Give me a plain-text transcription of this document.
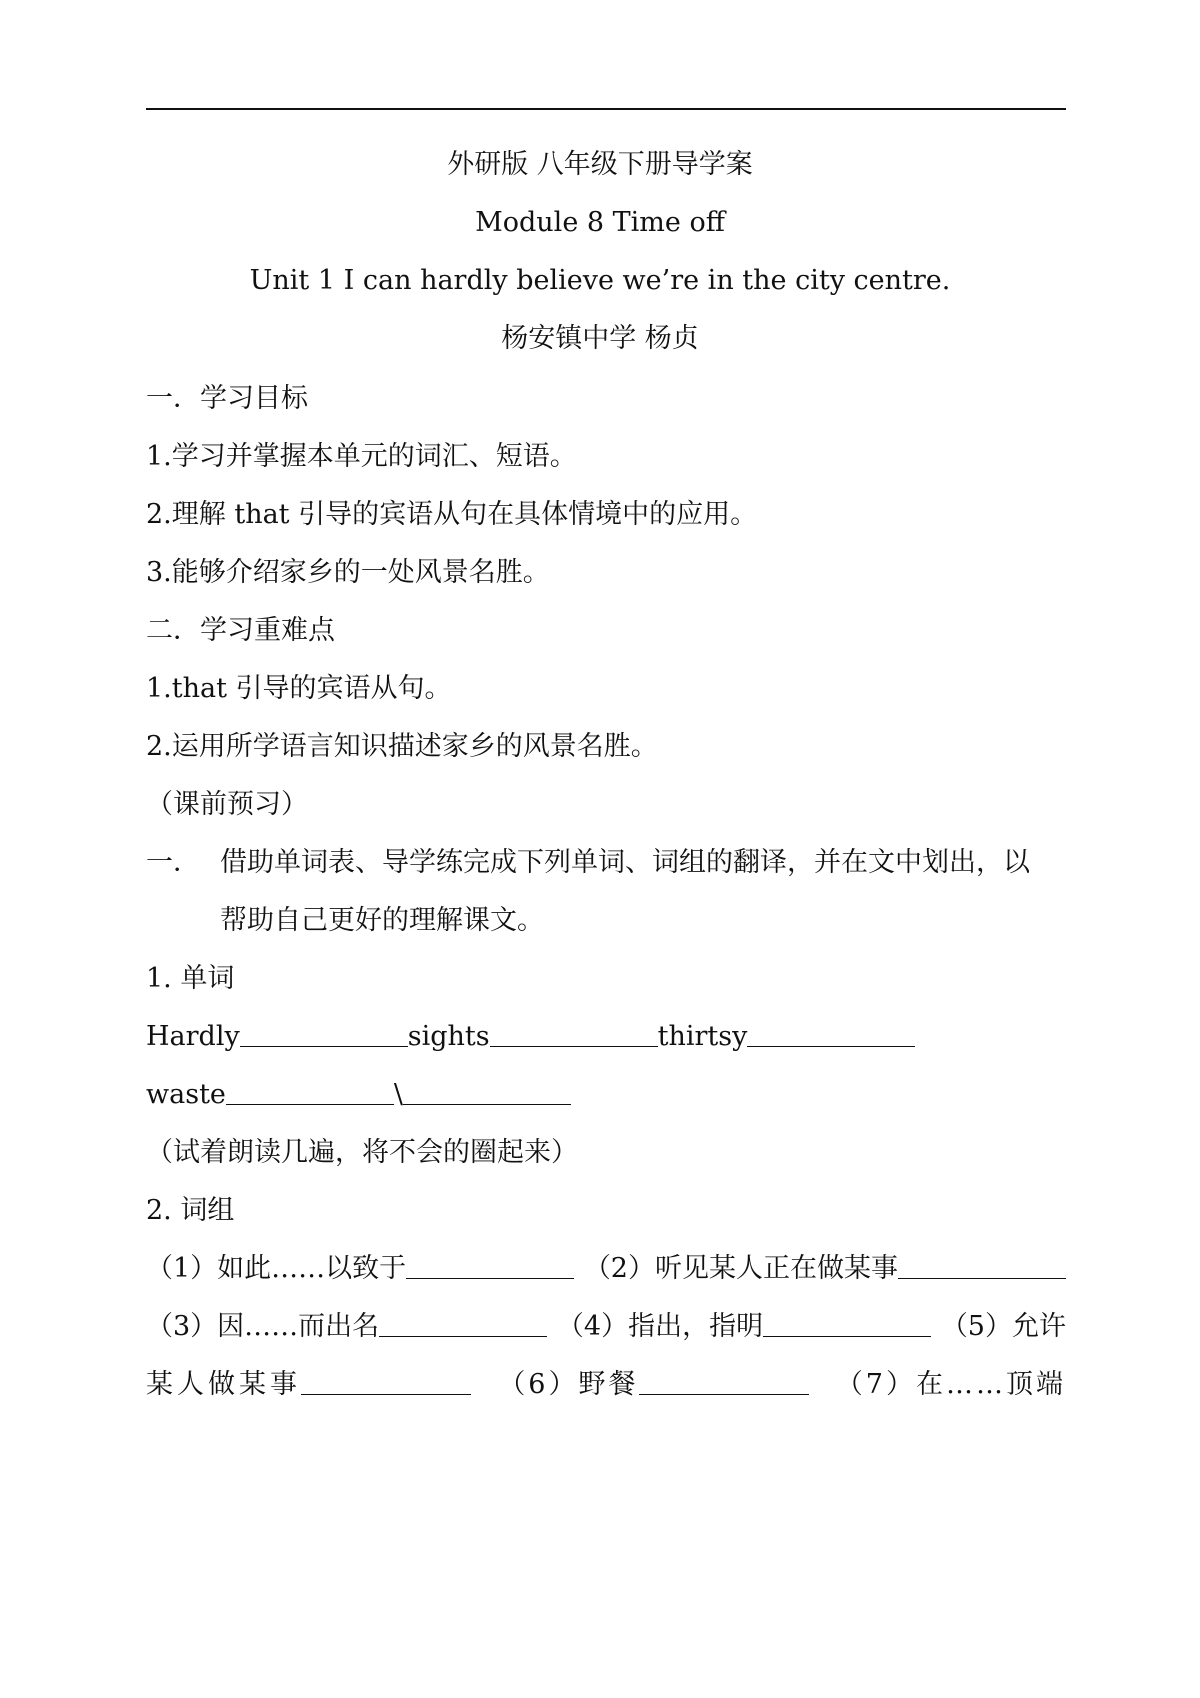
外研版 八年级下册导学案
Module 8 Time off
Unit 1 I can hardly believe we’re in the city centre.
杨安镇中学 杨贞
一．学习目标
1.学习并掌握本单元的词汇、短语。
2.理解 that 引导的宾语从句在具体情境中的应用。
3.能够介绍家乡的一处风景名胜。
二．学习重难点
1.that 引导的宾语从句。
2.运用所学语言知识描述家乡的风景名胜。
（课前预习）
一． 借助单词表、导学练完成下列单词、词组的翻译，并在文中划出，以
帮助自己更好的理解课文。
1. 单词
Hardly	sights	thirtsy
waste	\
（试着朗读几遍，将不会的圈起来）
2. 词组
（1）如此……以致于	（2）听见某人正在做某事
（3）因……而出名	（4）指出，指明	（5）允许
某人做某事	（6）野餐	（7）在……顶端
